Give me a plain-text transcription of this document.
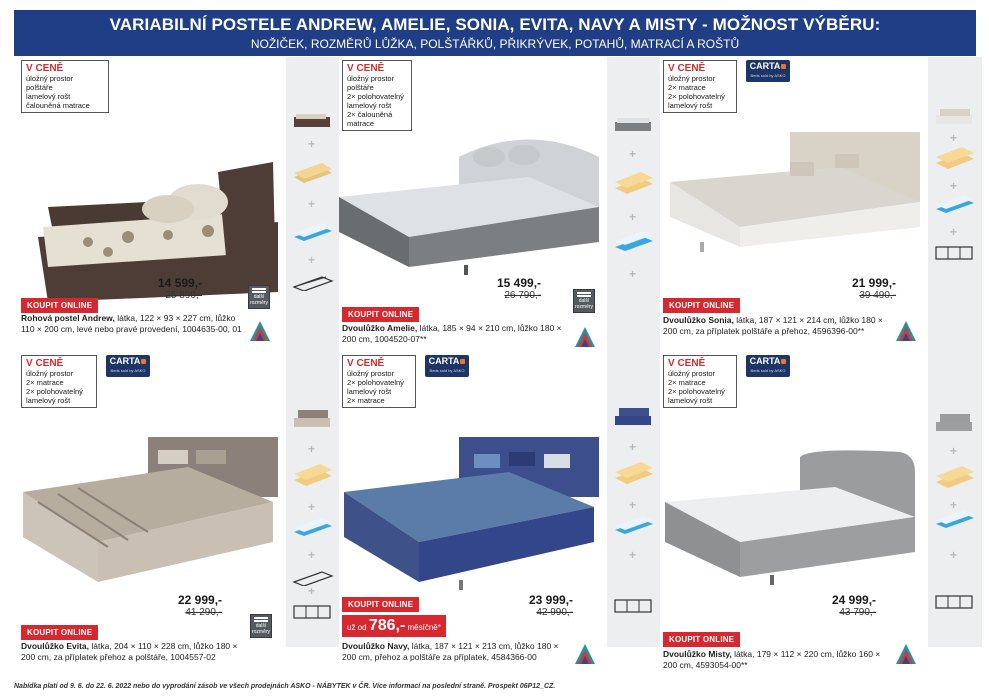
VARIABILNÍ POSTELE ANDREW, AMELIE, SONIA, EVITA, NAVY A MISTY - MOŽNOST VÝBĚRU:
NOŽIČEK, ROZMĚRŮ LŮŽKA, POLŠTÁŘKŮ, PŘIKRÝVEK, POTAHŮ, MATRACÍ A ROŠTŮ
+
+
+
V CENĚ
úložný prostor
polštáře
lamelový rošt
čalouněná matrace
14 599,-
25 890,-	další rozměry
KOUPIT ONLINE
Rohová postel Andrew, látka, 122 × 93 × 227 cm, lůžko 110 × 200 cm, levé nebo pravé provedení, 1004635-00, 01
+
+
+
V CENĚ
úložný prostor
polštáře
2× polohovatelný
lamelový rošt
2× čalouněná
matrace
15 499,-
26 790,-	další rozměry
KOUPIT ONLINE
Dvoulůžko Amelie, látka, 185 × 94 × 210 cm, lůžko 180 × 200 cm, 1004520-07**
+
+
+
V CENĚ
úložný prostor
2× matrace
2× polohovatelný
lamelový rošt
CARTA
Beds sold by ASKO
21 999,-
39 490,-
KOUPIT ONLINE
Dvoulůžko Sonia, látka, 187 × 121 × 214 cm, lůžko 180 × 200 cm, za příplatek polštáře a přehoz, 4596396-00**
+
+
+
+
V CENĚ
úložný prostor
2× matrace
2× polohovatelný
lamelový rošt
CARTA
Beds sold by ASKO
22 999,-
41 290,-
další rozměry
KOUPIT ONLINE
Dvoulůžko Evita, látka, 204 × 110 × 228 cm, lůžko 180 × 200 cm, za příplatek přehoz a polštáře, 1004557-02
+
+
+
V CENĚ
úložný prostor
2× polohovatelný
lamelový rošt
2× matrace
CARTA
Beds sold by ASKO
23 999,-
42 990,-
KOUPIT ONLINE
už od 786,- měsíčně*
Dvoulůžko Navy, látka, 187 × 121 × 213 cm, lůžko 180 × 200 cm, přehoz a polštáře za příplatek, 4584366-00
+
+
+
V CENĚ
úložný prostor
2× matrace
2× polohovatelný
lamelový rošt
CARTA
Beds sold by ASKO
24 999,-
43 790,-
KOUPIT ONLINE
Dvoulůžko Misty, látka, 179 × 112 × 220 cm, lůžko 160 × 200 cm, 4593054-00**
Nabídka platí od 9. 6. do 22. 6. 2022 nebo do vyprodání zásob ve všech prodejnách ASKO - NÁBYTEK v ČR. Více informací na poslední straně. Prospekt 06P12_CZ.
